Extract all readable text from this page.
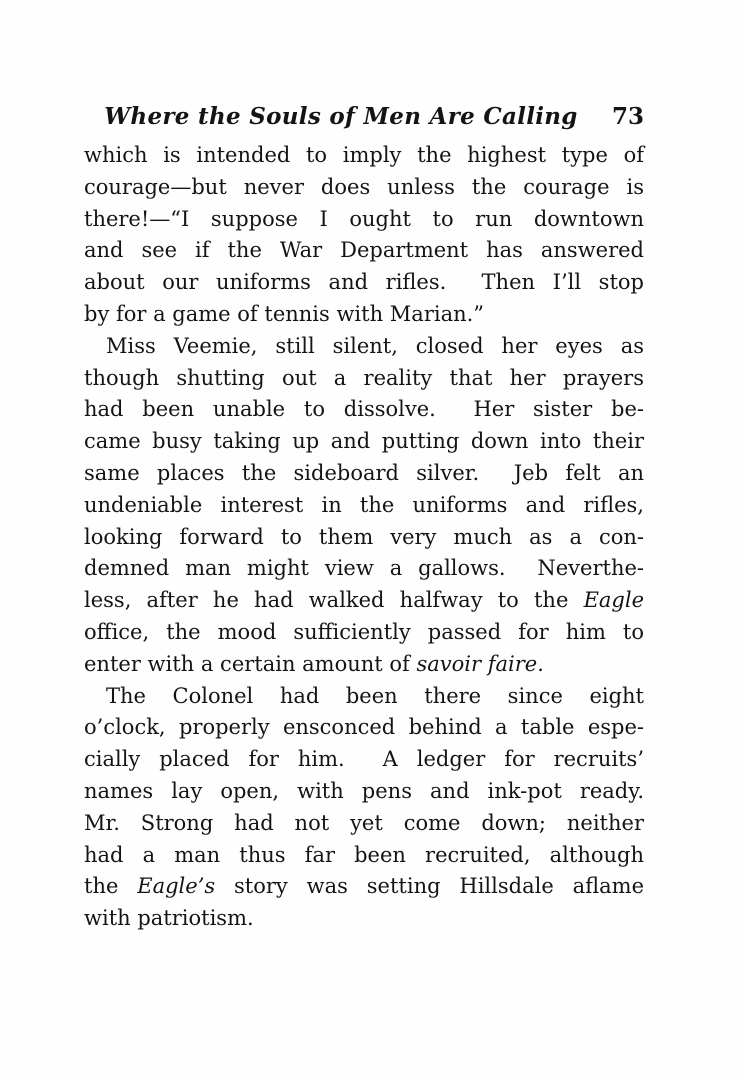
Where the Souls of Men Are Calling	73
which is intended to imply the highest type of
courage—but never does unless the courage is
there!—“I suppose I ought to run downtown
and see if the War Department has answered
about our uniforms and rifles.  Then I’ll stop
by for a game of tennis with Marian.”
Miss Veemie, still silent, closed her eyes as
though shutting out a reality that her prayers
had been unable to dissolve.  Her sister be-
came busy taking up and putting down into their
same places the sideboard silver.  Jeb felt an
undeniable interest in the uniforms and rifles,
looking forward to them very much as a con-
demned man might view a gallows.  Neverthe-
less, after he had walked halfway to the Eagle
office, the mood sufficiently passed for him to
enter with a certain amount of savoir faire.
The Colonel had been there since eight
o’clock, properly ensconced behind a table espe-
cially placed for him.  A ledger for recruits’
names lay open, with pens and ink-pot ready.
Mr. Strong had not yet come down; neither
had a man thus far been recruited, although
the Eagle’s story was setting Hillsdale aflame
with patriotism.
